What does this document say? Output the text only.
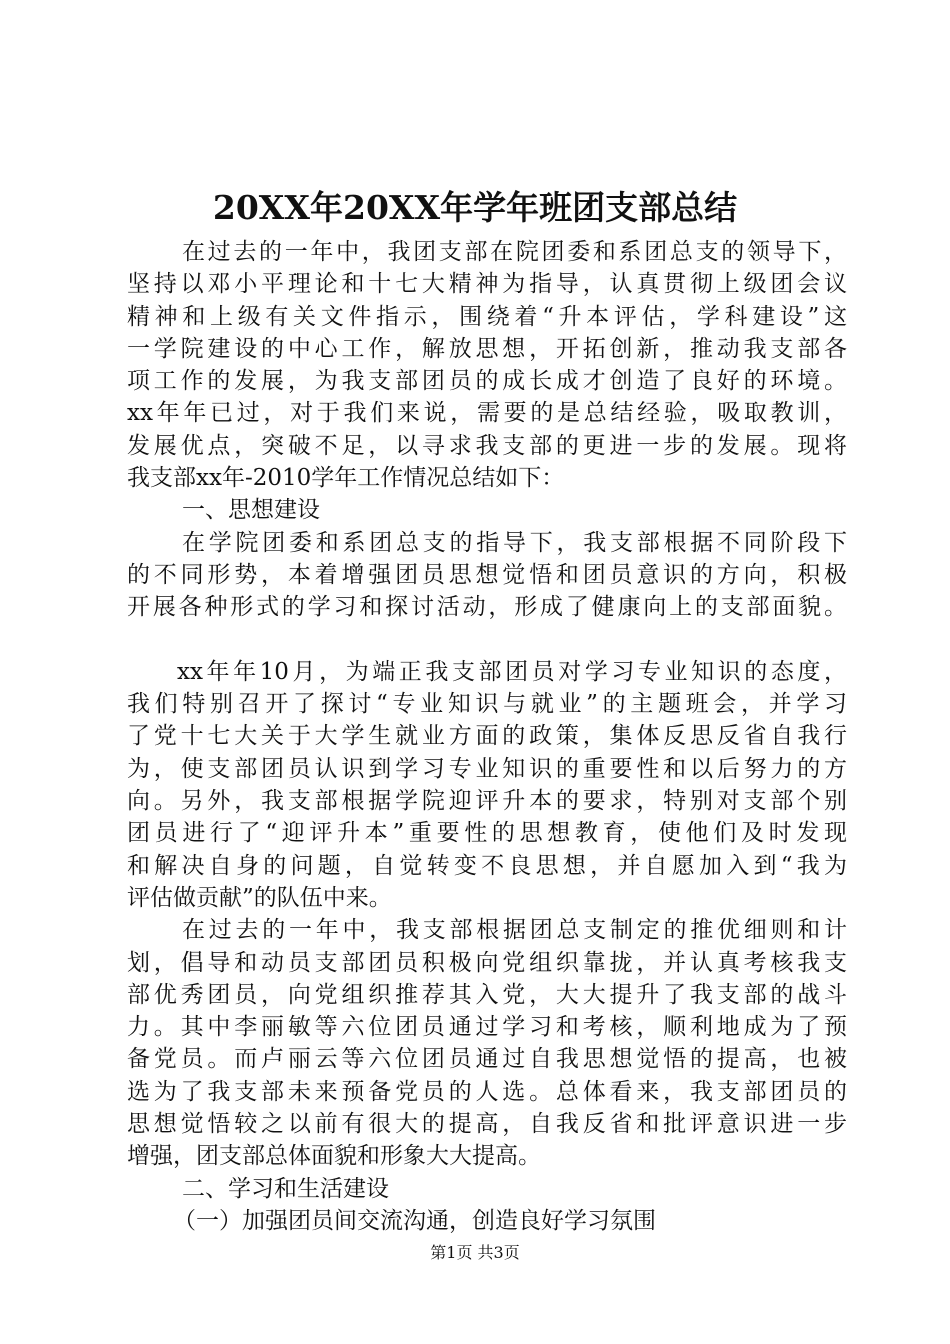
20XX年20XX年学年班团支部总结
在过去的一年中，我团支部在院团委和系团总支的领导下，
坚持以邓小平理论和十七大精神为指导，认真贯彻上级团会议
精神和上级有关文件指示，围绕着“升本评估，学科建设”这
一学院建设的中心工作，解放思想，开拓创新，推动我支部各
项工作的发展，为我支部团员的成长成才创造了良好的环境。
xx年年已过，对于我们来说，需要的是总结经验，吸取教训，
发展优点，突破不足，以寻求我支部的更进一步的发展。现将
我支部xx年-2010学年工作情况总结如下：
一、思想建设
在学院团委和系团总支的指导下，我支部根据不同阶段下
的不同形势，本着增强团员思想觉悟和团员意识的方向，积极
开展各种形式的学习和探讨活动，形成了健康向上的支部面貌。
xx年年10月，为端正我支部团员对学习专业知识的态度，
我们特别召开了探讨“专业知识与就业”的主题班会，并学习
了党十七大关于大学生就业方面的政策，集体反思反省自我行
为，使支部团员认识到学习专业知识的重要性和以后努力的方
向。另外，我支部根据学院迎评升本的要求，特别对支部个别
团员进行了“迎评升本”重要性的思想教育，使他们及时发现
和解决自身的问题，自觉转变不良思想，并自愿加入到“我为
评估做贡献”的队伍中来。
在过去的一年中，我支部根据团总支制定的推优细则和计
划，倡导和动员支部团员积极向党组织靠拢，并认真考核我支
部优秀团员，向党组织推荐其入党，大大提升了我支部的战斗
力。其中李丽敏等六位团员通过学习和考核，顺利地成为了预
备党员。而卢丽云等六位团员通过自我思想觉悟的提高，也被
选为了我支部未来预备党员的人选。总体看来，我支部团员的
思想觉悟较之以前有很大的提高，自我反省和批评意识进一步
增强，团支部总体面貌和形象大大提高。
二、学习和生活建设
（一）加强团员间交流沟通，创造良好学习氛围
第1页 共3页
